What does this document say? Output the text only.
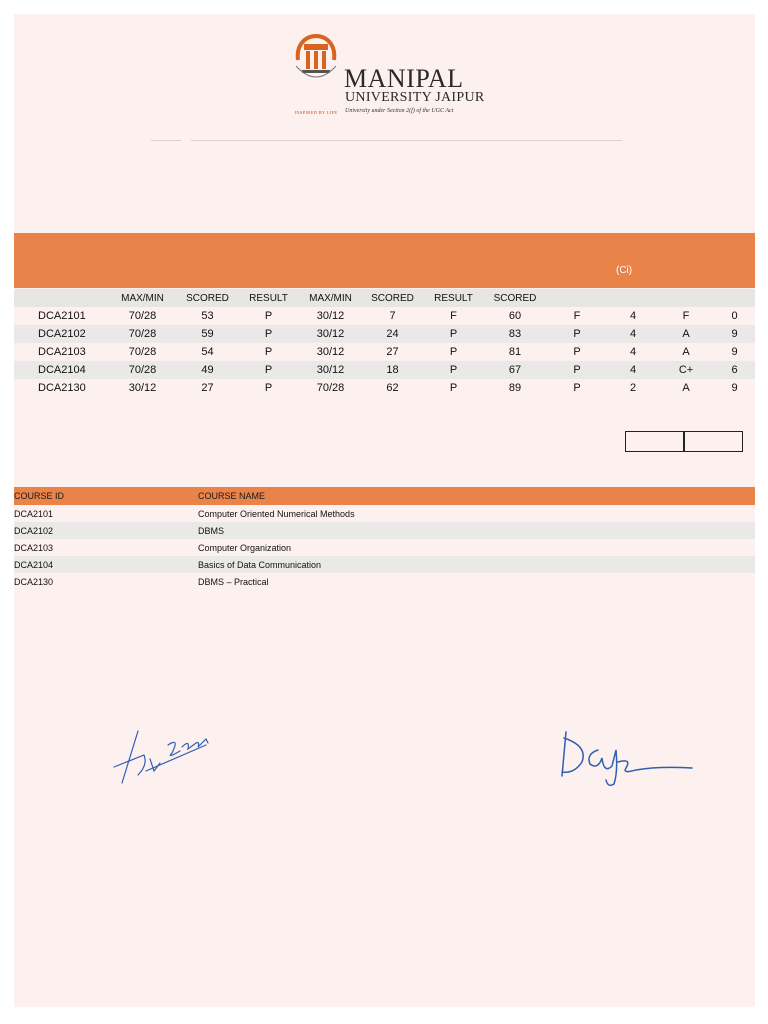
MANIPAL
UNIVERSITY JAIPUR
University under Section 2(f) of the UGC Act
INSPIRED BY LIFE
(Ci)
	MAX/MIN	SCORED	RESULT	MAX/MIN	SCORED	RESULT	SCORED				
DCA2101	70/28	53	P	30/12	7	F	60	F	4	F	0
DCA2102	70/28	59	P	30/12	24	P	83	P	4	A	9
DCA2103	70/28	54	P	30/12	27	P	81	P	4	A	9
DCA2104	70/28	49	P	30/12	18	P	67	P	4	C+	6
DCA2130	30/12	27	P	70/28	62	P	89	P	2	A	9
COURSE ID	COURSE NAME
DCA2101	Computer Oriented Numerical Methods
DCA2102	DBMS
DCA2103	Computer Organization
DCA2104	Basics of Data Communication
DCA2130	DBMS – Practical
